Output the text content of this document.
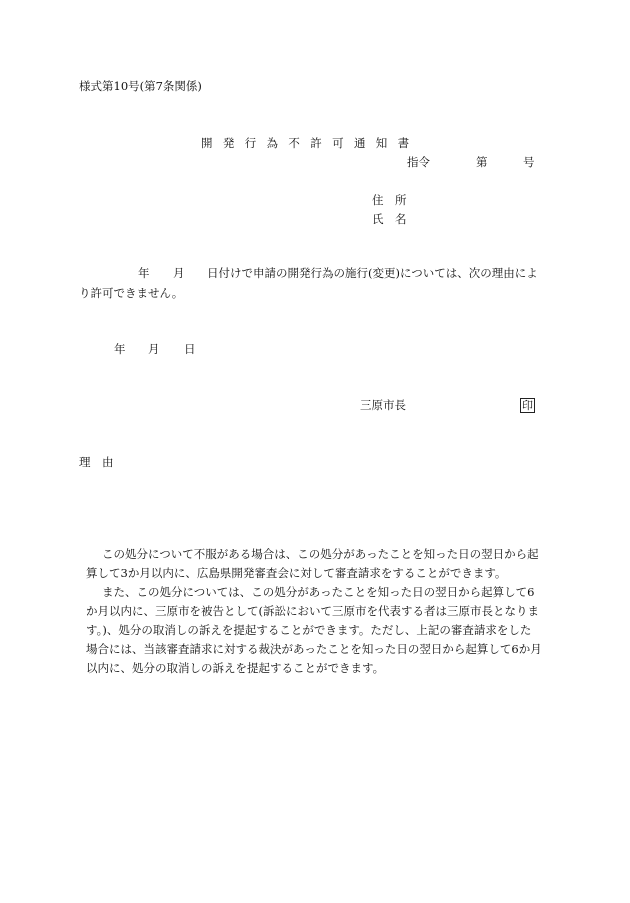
様式第10号(第7条関係)
開発行為不許可通知書
指令	第	号
住　所
氏　名
年 月 日付けで申請の開発行為の施行(変更)については、次の理由によ
り許可できません。
年 月 日
三原市長	印
理　由
この処分について不服がある場合は、この処分があったことを知った日の翌日から起
算して3か月以内に、広島県開発審査会に対して審査請求をすることができます。
また、この処分については、この処分があったことを知った日の翌日から起算して6
か月以内に、三原市を被告として(訴訟において三原市を代表する者は三原市長となりま
す。)、処分の取消しの訴えを提起することができます。ただし、上記の審査請求をした
場合には、当該審査請求に対する裁決があったことを知った日の翌日から起算して6か月
以内に、処分の取消しの訴えを提起することができます。
